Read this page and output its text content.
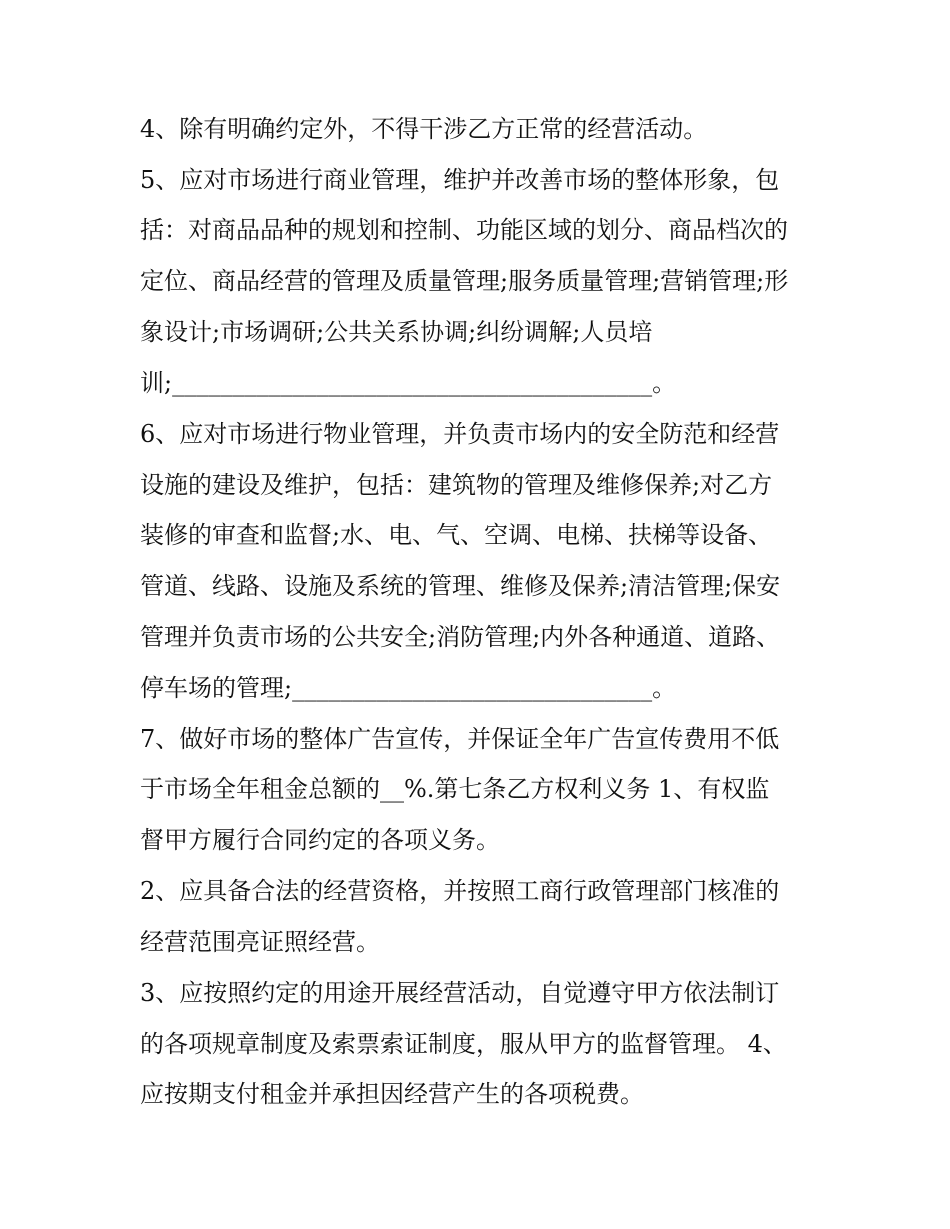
4、除有明确约定外，不得干涉乙方正常的经营活动。

5、应对市场进行商业管理，维护并改善市场的整体形象，包

括：对商品品种的规划和控制、功能区域的划分、商品档次的

定位、商品经营的管理及质量管理;服务质量管理;营销管理;形

象设计;市场调研;公共关系协调;纠纷调解;人员培

训;________________________________________。

6、应对市场进行物业管理，并负责市场内的安全防范和经营

设施的建设及维护，包括：建筑物的管理及维修保养;对乙方

装修的审查和监督;水、电、气、空调、电梯、扶梯等设备、

管道、线路、设施及系统的管理、维修及保养;清洁管理;保安

管理并负责市场的公共安全;消防管理;内外各种通道、道路、

停车场的管理;______________________________。

7、做好市场的整体广告宣传，并保证全年广告宣传费用不低

于市场全年租金总额的__%.第七条乙方权利义务 1、有权监

督甲方履行合同约定的各项义务。

2、应具备合法的经营资格，并按照工商行政管理部门核准的

经营范围亮证照经营。

3、应按照约定的用途开展经营活动，自觉遵守甲方依法制订

的各项规章制度及索票索证制度，服从甲方的监督管理。 4、

应按期支付租金并承担因经营产生的各项税费。
